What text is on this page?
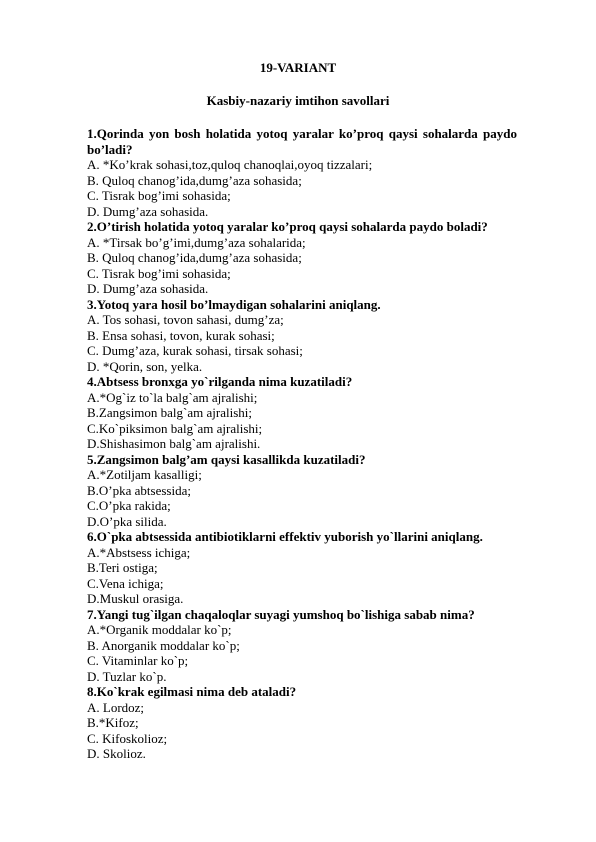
19-VARIANT
Kasbiy-nazariy imtihon savollari

1.Qorinda yon bosh holatida yotoq yaralar ko’proq qaysi sohalarda paydo bo’ladi?

A. *Ko’krak sohasi,toz,quloq chanoqlai,oyoq tizzalari;

B. Quloq chanog’ida,dumg’aza sohasida;

C. Tisrak bog’imi sohasida;

D. Dumg’aza sohasida.

2.O’tirish holatida yotoq yaralar ko’proq qaysi sohalarda paydo boladi?

A. *Tirsak bo’g’imi,dumg’aza sohalarida;

B. Quloq chanog’ida,dumg’aza sohasida;

C. Tisrak bog’imi sohasida;

D. Dumg’aza sohasida.

3.Yotoq yara hosil bo’lmaydigan sohalarini aniqlang.

A. Tos sohasi, tovon sahasi, dumg’za;

B. Ensa sohasi, tovon, kurak sohasi;

C. Dumg’aza, kurak sohasi, tirsak sohasi;

D. *Qorin, son, yelka.

4.Abtsess bronxga yo`rilganda nima kuzatiladi?

A.*Og`iz to`la balg`am ajralishi;

B.Zangsimon balg`am ajralishi;

C.Ko`piksimon balg`am ajralishi;

D.Shishasimon balg`am ajralishi.

5.Zangsimon balg’am qaysi kasallikda kuzatiladi?

A.*Zotiljam kasalligi;

B.O’pka abtsessida;

C.O’pka rakida;

D.O’pka silida.

6.O`pka abtsessida antibiotiklarni effektiv yuborish yo`llarini aniqlang.

A.*Abstsess ichiga;

B.Teri ostiga;

C.Vena ichiga;

D.Muskul orasiga.

7.Yangi tug`ilgan chaqaloqlar suyagi yumshoq bo`lishiga sabab nima?

A.*Organik moddalar ko`p;

B. Anorganik moddalar ko`p;

C. Vitaminlar ko`p;

D. Tuzlar ko`p.

8.Ko`krak egilmasi nima deb ataladi?

A. Lordoz;

B.*Kifoz;

C. Kifoskolioz;

D. Skolioz.
